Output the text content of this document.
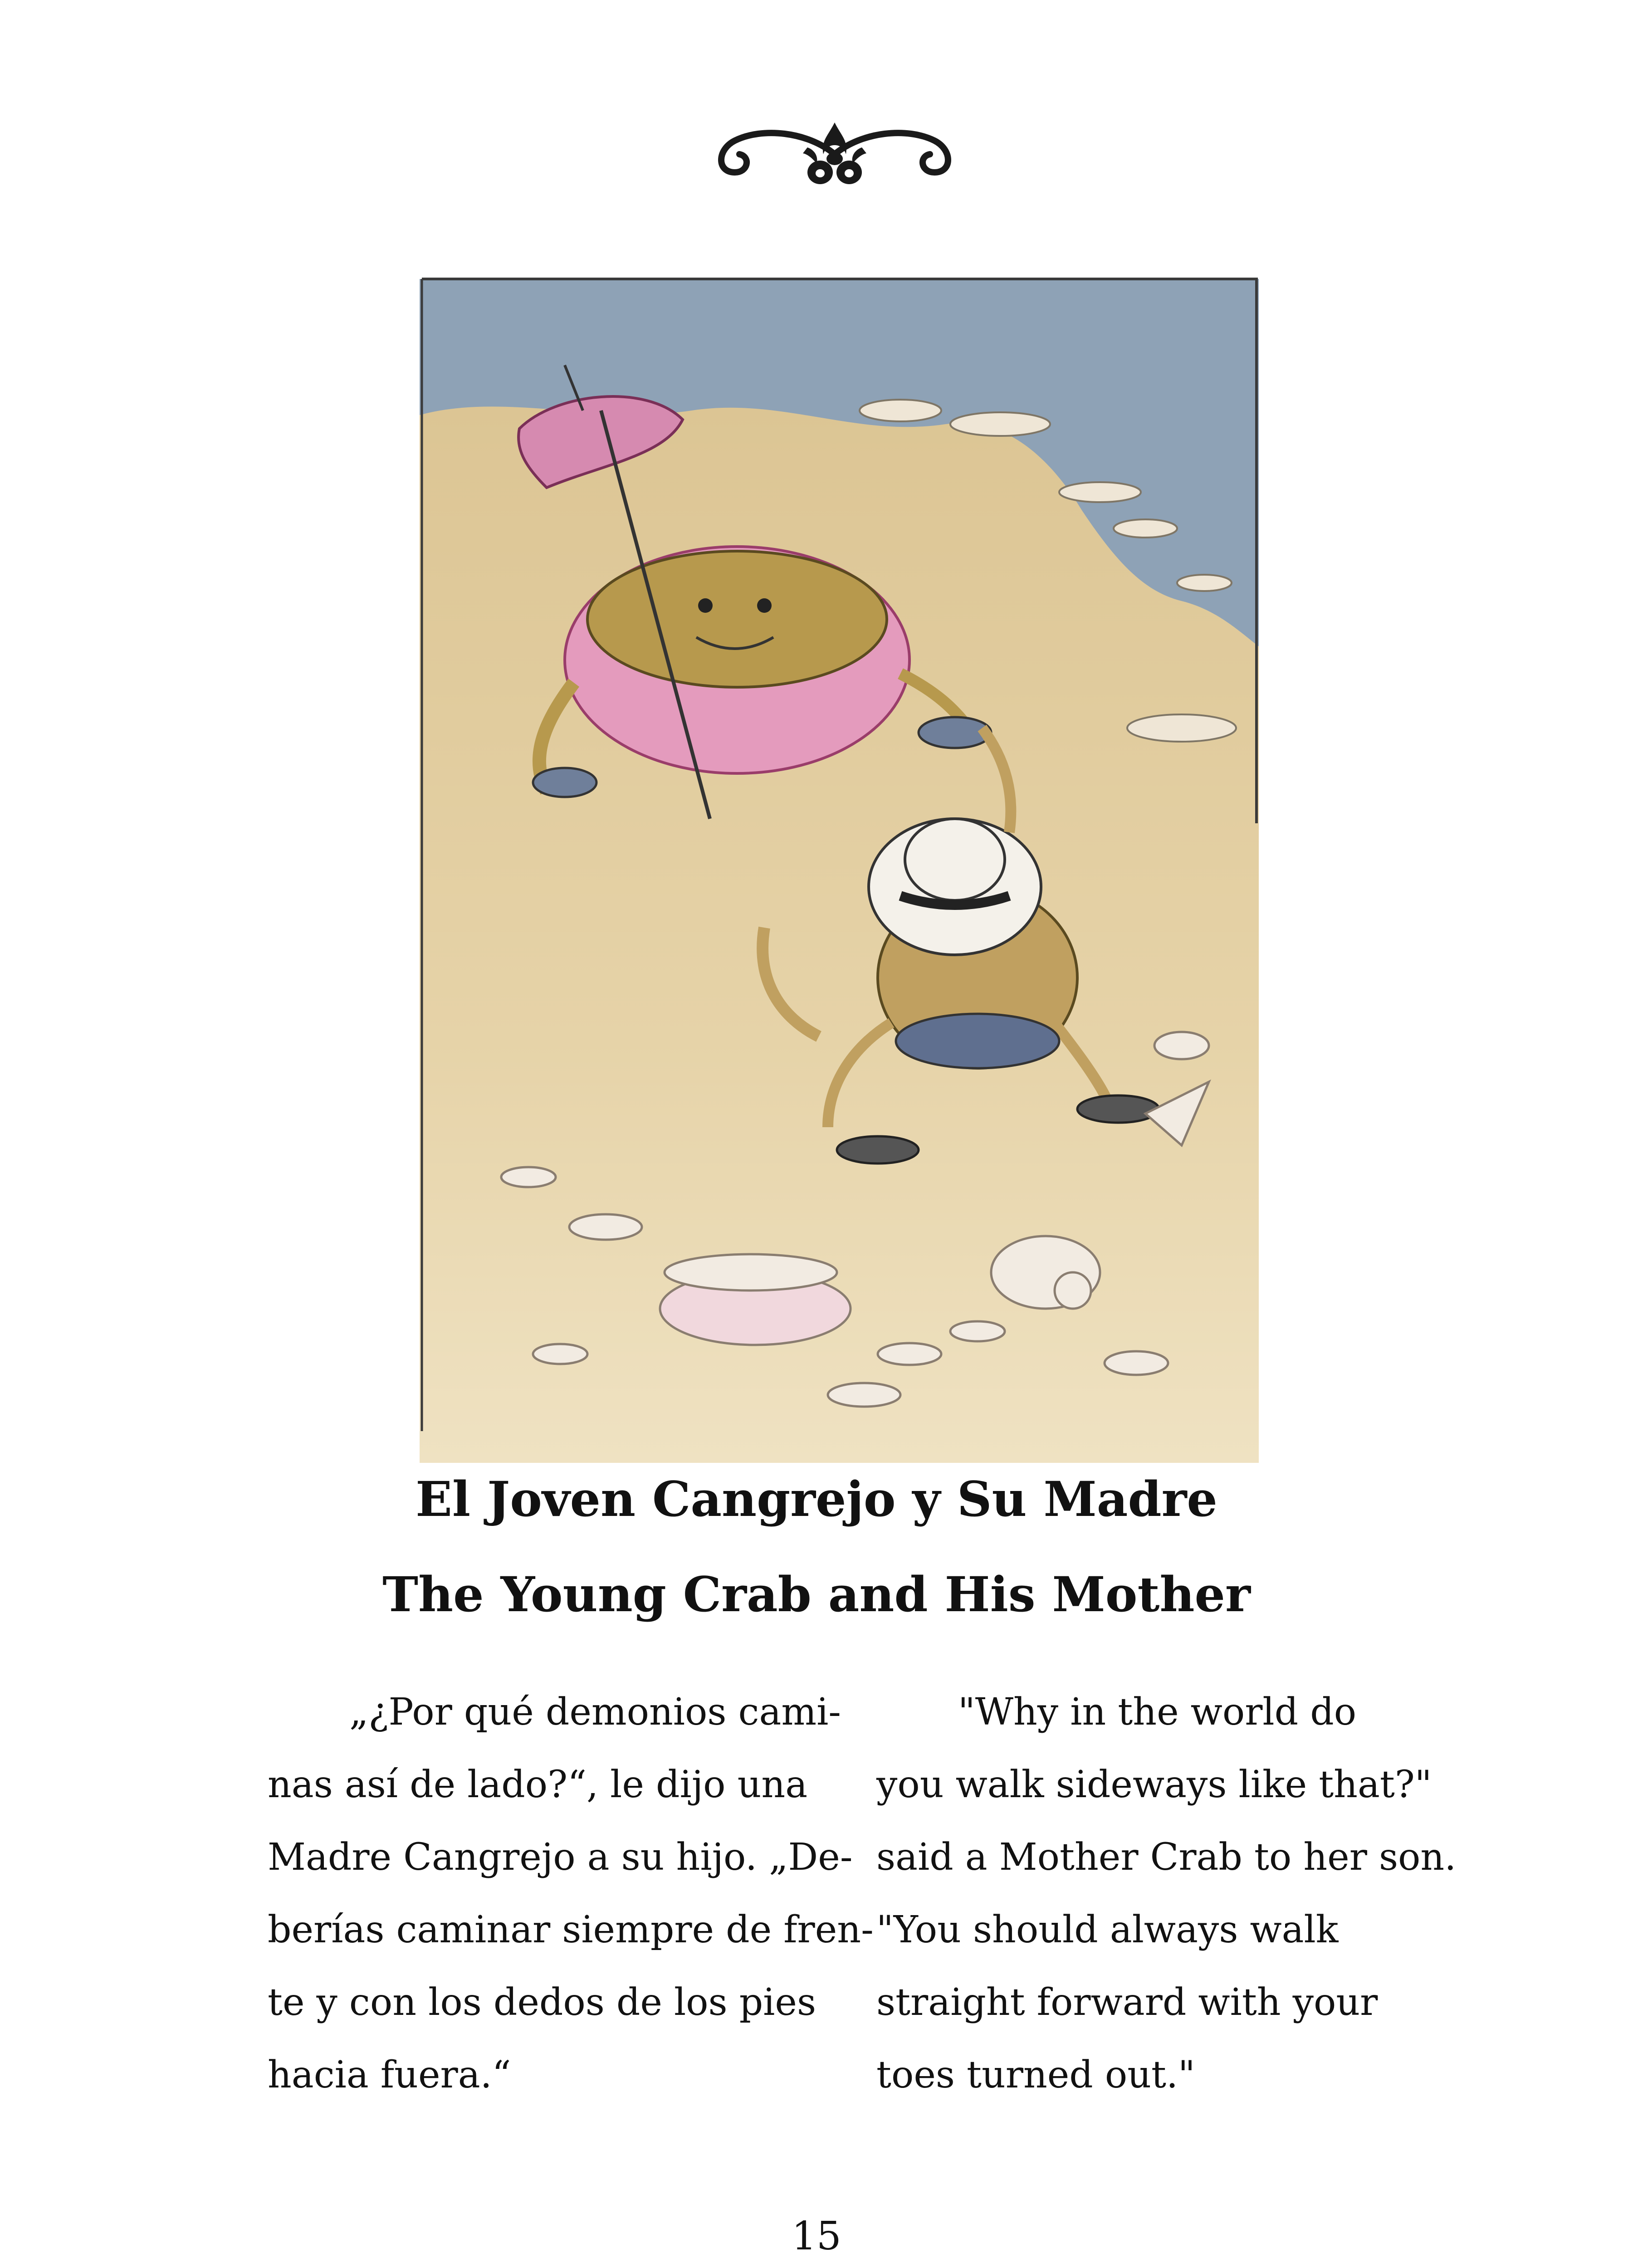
El Joven Cangrejo y Su Madre
The Young Crab and His Mother
„¿Por qué demonios cami-
nas así de lado?“, le dijo una
Madre Cangrejo a su hijo. „De-
berías caminar siempre de fren-
te y con los dedos de los pies
hacia fuera.“
"Why in the world do
you walk sideways like that?"
said a Mother Crab to her son.
"You should always walk
straight forward with your
toes turned out."
15
